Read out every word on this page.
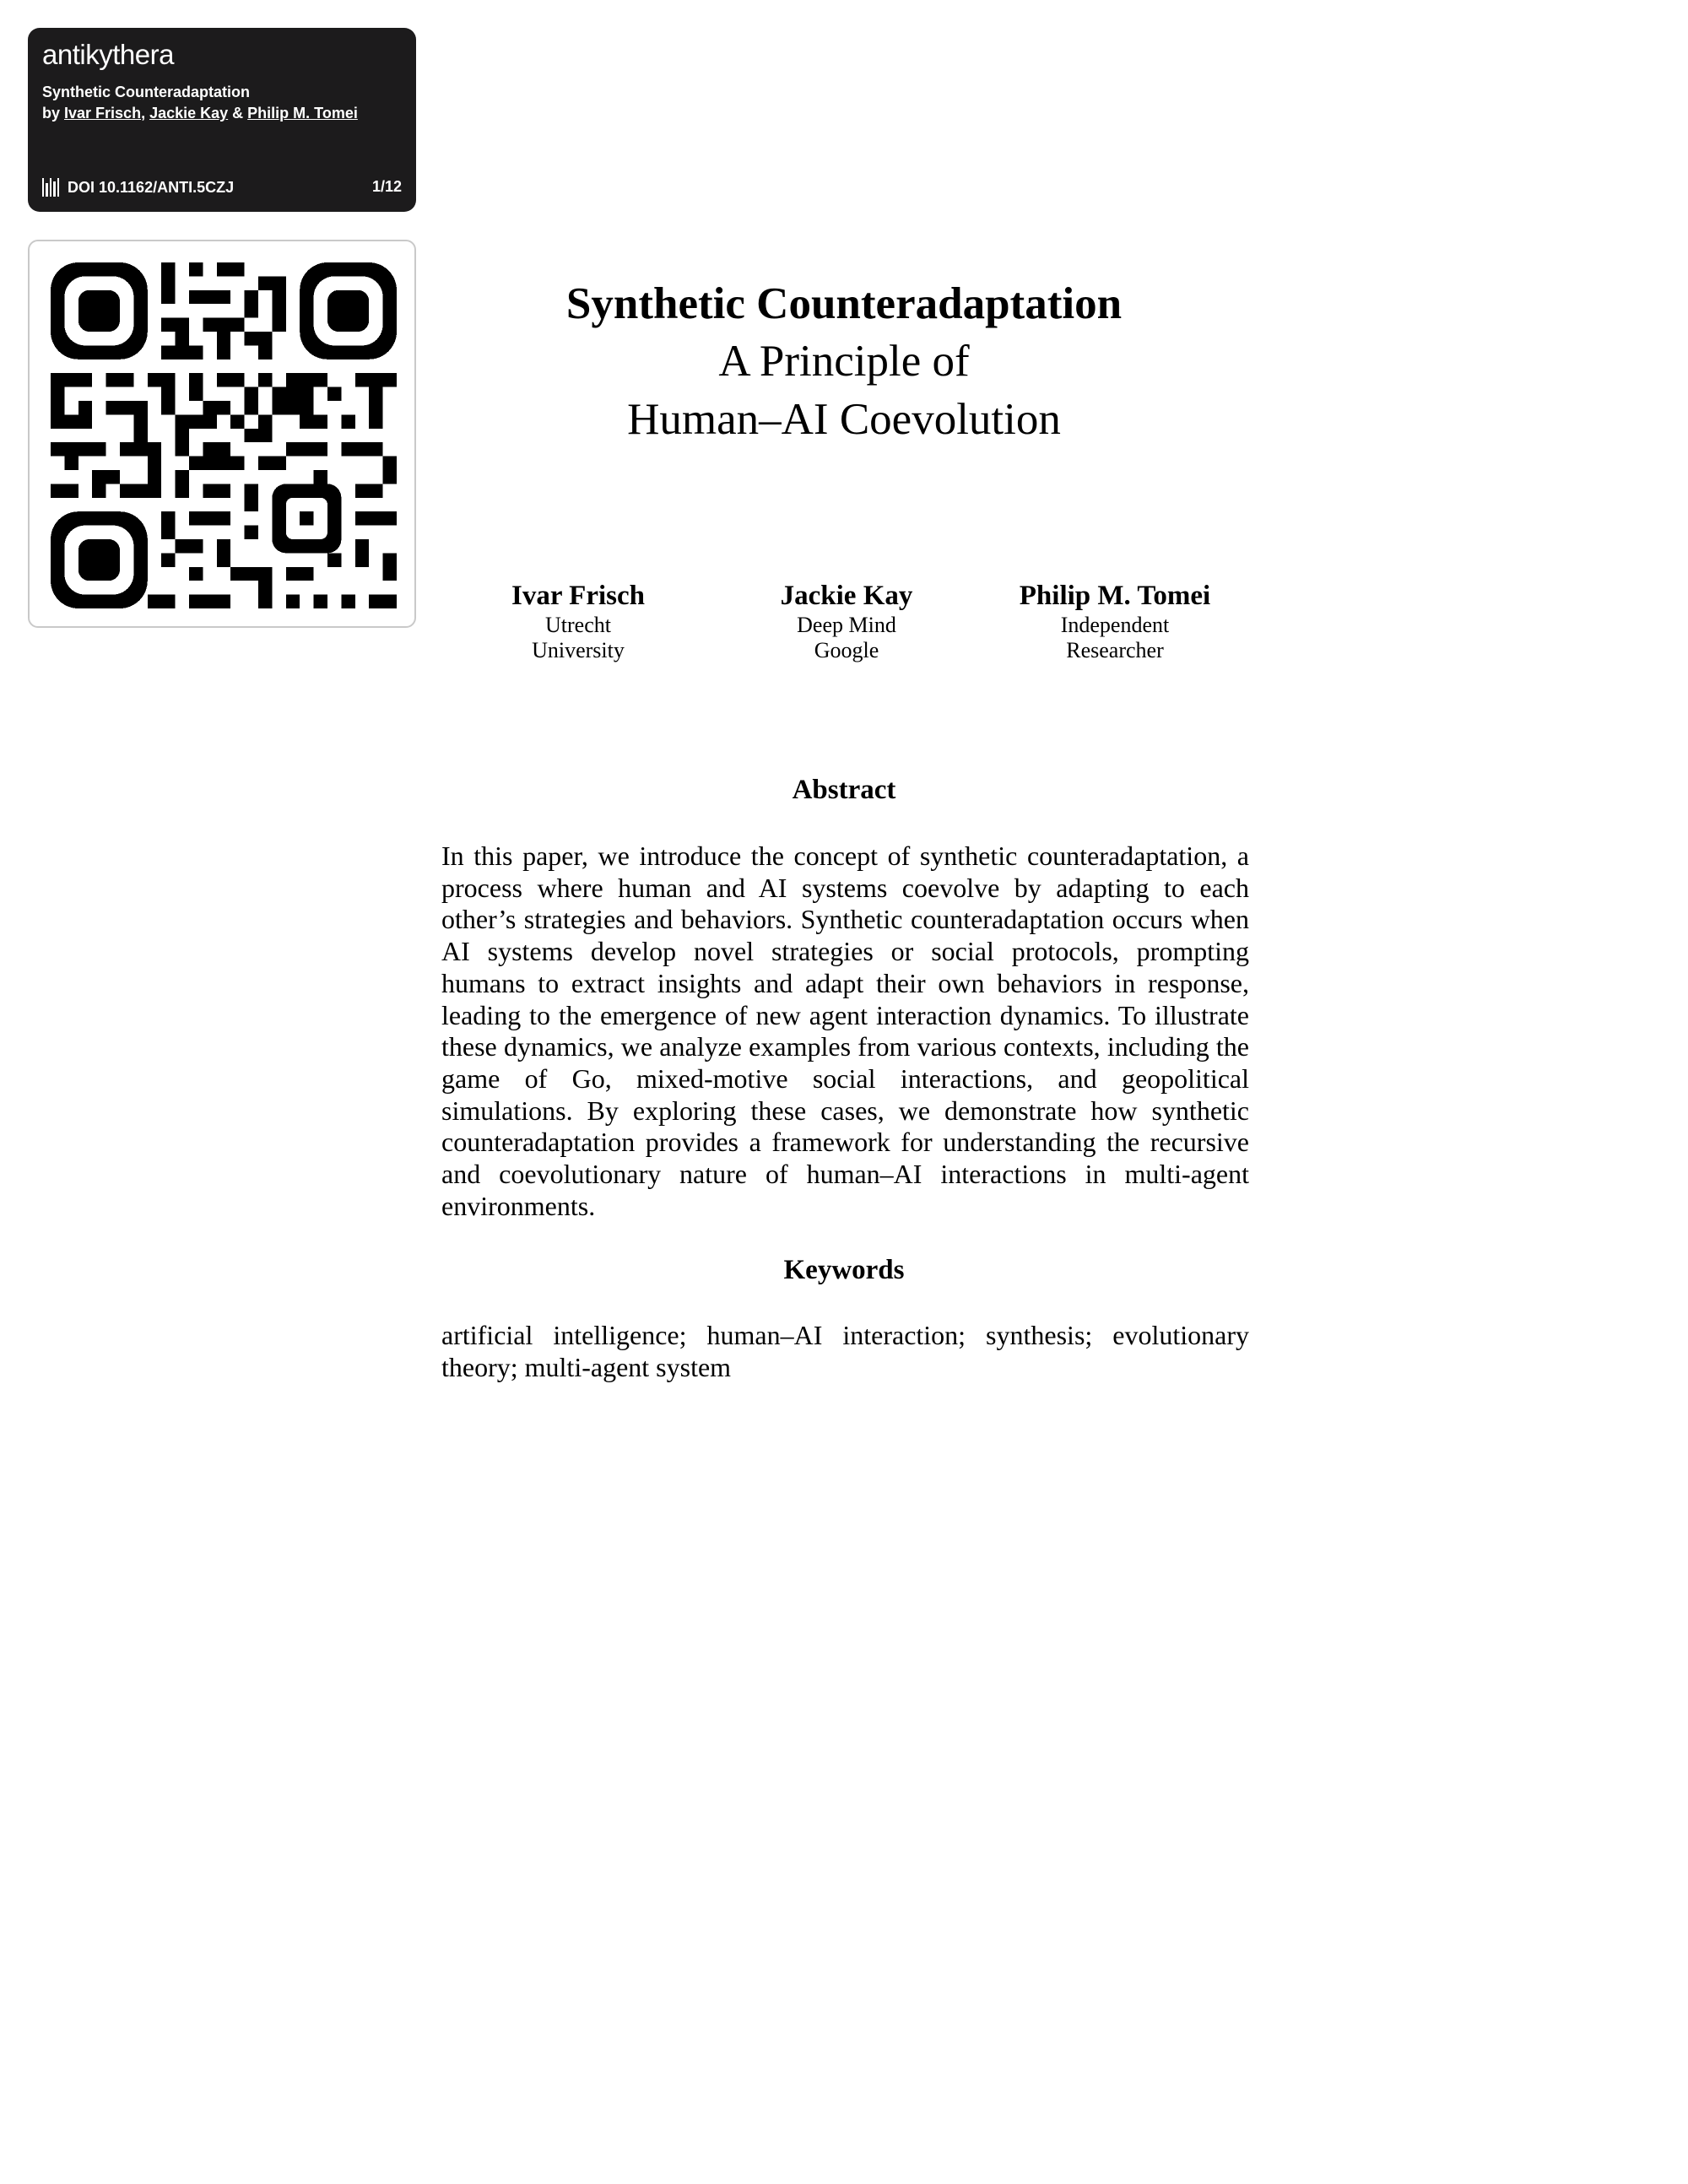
antikythera
Synthetic Counteradaptation
by Ivar Frisch, Jackie Kay & Philip M. Tomei
DOI 10.1162/ANTI.5CZJ	1/12
Synthetic Counteradaptation
A Principle of
Human–AI Coevolution
Ivar Frisch
Utrecht
University
Jackie Kay
Deep Mind
Google
Philip M. Tomei
Independent
Researcher
Abstract
In this paper, we introduce the concept of synthetic counteradaptation, a process where human and AI systems coevolve by adapting to each other’s strategies and behaviors. Synthetic counteradaptation occurs when AI systems develop novel strategies or social protocols, prompting humans to extract insights and adapt their own behaviors in response, leading to the emergence of new agent interaction dynamics. To illustrate these dynamics, we analyze examples from various contexts, including the game of Go, mixed-motive social interactions, and geopolitical simulations. By exploring these cases, we demonstrate how synthetic counteradaptation provides a framework for understanding the recursive and coevolutionary nature of human–AI interactions in multi-agent environments.
Keywords
artificial intelligence; human–AI interaction; synthesis; evolutionary theory; multi-agent system
